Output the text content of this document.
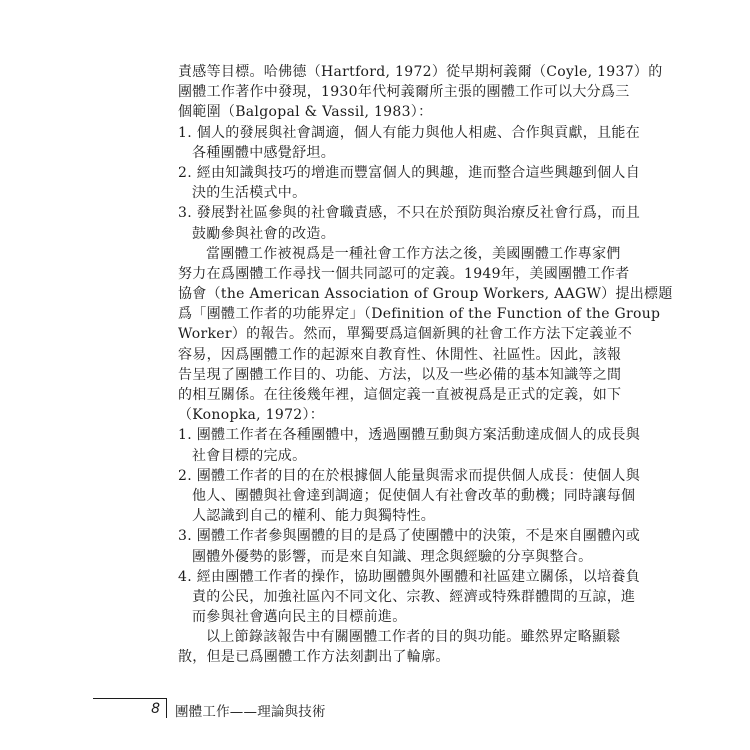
責感等目標。哈佛德（Hartford, 1972）從早期柯義爾（Coyle, 1937）的
團體工作著作中發現，1930年代柯義爾所主張的團體工作可以大分爲三
個範圍（Balgopal & Vassil, 1983）：
1. 個人的發展與社會調適，個人有能力與他人相處、合作與貢獻，且能在
各種團體中感覺舒坦。
2. 經由知識與技巧的增進而豐富個人的興趣，進而整合這些興趣到個人自
決的生活模式中。
3. 發展對社區參與的社會職責感，不只在於預防與治療反社會行爲，而且
鼓勵參與社會的改造。
當團體工作被視爲是一種社會工作方法之後，美國團體工作專家們
努力在爲團體工作尋找一個共同認可的定義。1949年，美國團體工作者
協會（the American Association of Group Workers, AAGW）提出標題
爲「團體工作者的功能界定」（Definition of the Function of the Group
Worker）的報告。然而，單獨要爲這個新興的社會工作方法下定義並不
容易，因爲團體工作的起源來自教育性、休閒性、社區性。因此，該報
告呈現了團體工作目的、功能、方法，以及一些必備的基本知識等之間
的相互關係。在往後幾年裡，這個定義一直被視爲是正式的定義，如下
（Konopka, 1972）：
1. 團體工作者在各種團體中，透過團體互動與方案活動達成個人的成長與
社會目標的完成。
2. 團體工作者的目的在於根據個人能量與需求而提供個人成長：使個人與
他人、團體與社會達到調適；促使個人有社會改革的動機；同時讓每個
人認識到自己的權利、能力與獨特性。
3. 團體工作者參與團體的目的是爲了使團體中的決策，不是來自團體內或
團體外優勢的影響，而是來自知識、理念與經驗的分享與整合。
4. 經由團體工作者的操作，協助團體與外團體和社區建立關係，以培養負
責的公民，加強社區內不同文化、宗教、經濟或特殊群體間的互諒，進
而參與社會邁向民主的目標前進。
以上節錄該報告中有關團體工作者的目的與功能。雖然界定略顯鬆
散，但是已爲團體工作方法刻劃出了輪廓。
8 團體工作——理論與技術
